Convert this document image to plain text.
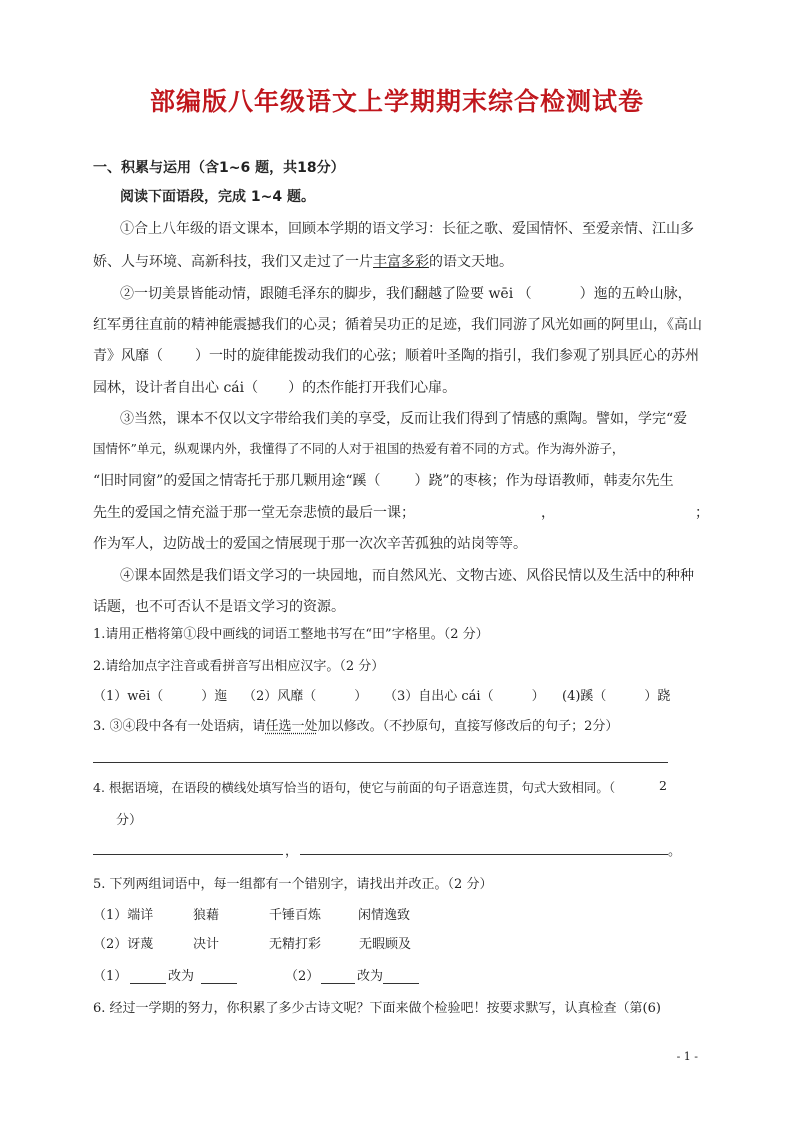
部编版八年级语文上学期期末综合检测试卷
一、积累与运用（含1~6 题，共18分）
阅读下面语段，完成 1~4 题。
①合上八年级的语文课本，回顾本学期的语文学习：长征之歌、爱国情怀、至爱亲情、江山多
娇、人与环境、高新科技，我们又走过了一片丰富多彩的语文天地。
②一切美景皆能动情，跟随毛泽东的脚步，我们翻越了险要 wēi （	）迤的五岭山脉，
红军勇往直前的精神能震撼我们的心灵；循着吴功正的足迹，我们同游了风光如画的阿里山，《高山
青》风靡（ ）一时的旋律能拨动我们的心弦；顺着叶圣陶的指引，我们参观了别具匠心的苏州
园林，设计者自出心 cái（ ）的杰作能打开我们心扉。
③当然，课本不仅以文字带给我们美的享受，反而让我们得到了情感的熏陶。譬如，学完“爱
国情怀”单元，纵观课内外，我懂得了不同的人对于祖国的热爱有着不同的方式。作为海外游子，
“旧时同窗”的爱国之情寄托于那几颗用途“蹊（ ）跷”的枣核；作为母语教师，韩麦尔先生
先生的爱国之情充溢于那一堂无奈悲愤的最后一课；	，	；
作为军人，边防战士的爱国之情展现于那一次次辛苦孤独的站岗等等。
④课本固然是我们语文学习的一块园地，而自然风光、文物古迹、风俗民情以及生活中的种种
话题，也不可否认不是语文学习的资源。
1.请用正楷将第①段中画线的词语工整地书写在“田”字格里。（2 分）
2.请给加点字注音或看拼音写出相应汉字。（2 分）
（1）wēi（	）迤 （2）风靡（	） （3）自出心 cái（	） (4)蹊（	）跷
3. ③④段中各有一处语病，请任选一处加以修改。（不抄原句，直接写修改后的句子；2分）
4. 根据语境，在语段的横线处填写恰当的语句，使它与前面的句子语意连贯，句式大致相同。（	2
分）
，	。
5. 下列两组词语中，每一组都有一个错别字，请找出并改正。（2 分）
（1）端详	狼藉	千锤百炼	闲情逸致
（2）讶蔑	决计	无精打彩	无暇顾及
（1）	改为	（2）	改为
6. 经过一学期的努力，你积累了多少古诗文呢？下面来做个检验吧！按要求默写，认真检查（第(6)
- 1 -
